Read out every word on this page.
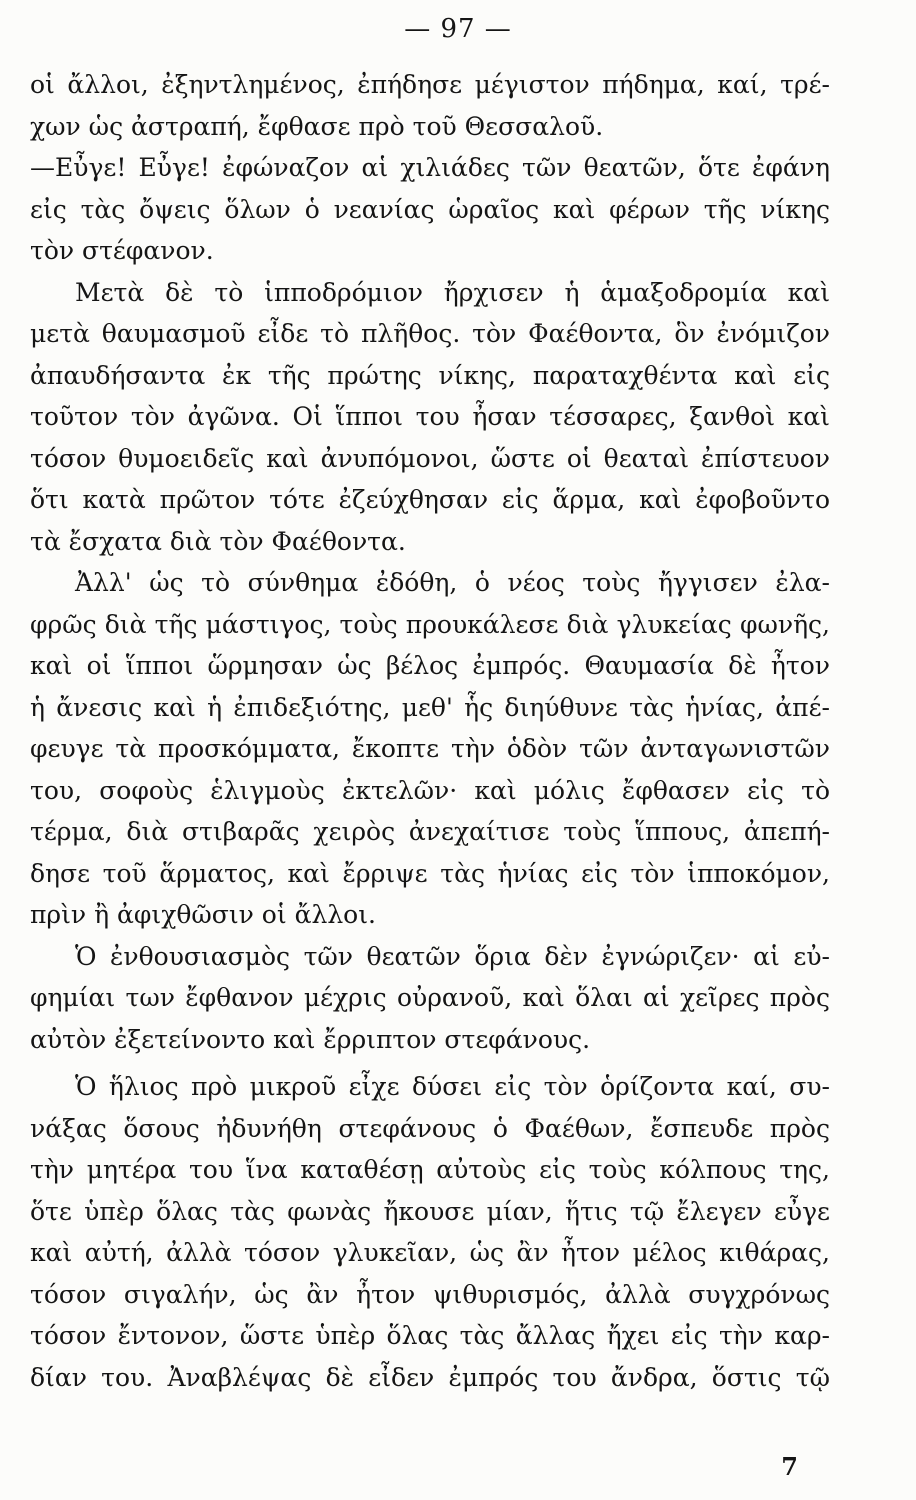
— 97 —
οἱ ἄλλοι, ἐξηντλημένος, ἐπήδησε μέγιστον πήδημα, καί, τρέ-
χων ὡς ἀστραπή, ἔφθασε πρὸ τοῦ Θεσσαλοῦ.
—Εὖγε! Εὖγε! ἐφώναζον αἱ χιλιάδες τῶν θεατῶν, ὅτε ἐφάνη
εἰς τὰς ὄψεις ὅλων ὁ νεανίας ὡραῖος καὶ φέρων τῆς νίκης
τὸν στέφανον.
Μετὰ δὲ τὸ ἱπποδρόμιον ἤρχισεν ἡ ἁμαξοδρομία καὶ
μετὰ θαυμασμοῦ εἶδε τὸ πλῆθος. τὸν Φαέθοντα, ὃν ἐνόμιζον
ἀπαυδήσαντα ἐκ τῆς πρώτης νίκης, παραταχθέντα καὶ εἰς
τοῦτον τὸν ἀγῶνα. Οἱ ἵπποι του ἦσαν τέσσαρες, ξανθοὶ καὶ
τόσον θυμοειδεῖς καὶ ἀνυπόμονοι, ὥστε οἱ θεαταὶ ἐπίστευον
ὅτι κατὰ πρῶτον τότε ἐζεύχθησαν εἰς ἅρμα, καὶ ἐφοβοῦντο
τὰ ἔσχατα διὰ τὸν Φαέθοντα.
Ἀλλ' ὡς τὸ σύνθημα ἐδόθη, ὁ νέος τοὺς ἤγγισεν ἐλα-
φρῶς διὰ τῆς μάστιγος, τοὺς προυκάλεσε διὰ γλυκείας φωνῆς,
καὶ οἱ ἵπποι ὥρμησαν ὡς βέλος ἐμπρός. Θαυμασία δὲ ἦτον
ἡ ἄνεσις καὶ ἡ ἐπιδεξιότης, μεθ' ἧς διηύθυνε τὰς ἡνίας, ἀπέ-
φευγε τὰ προσκόμματα, ἔκοπτε τὴν ὁδὸν τῶν ἀνταγωνιστῶν
του, σοφοὺς ἑλιγμοὺς ἐκτελῶν· καὶ μόλις ἔφθασεν εἰς τὸ
τέρμα, διὰ στιβαρᾶς χειρὸς ἀνεχαίτισε τοὺς ἵππους, ἀπεπή-
δησε τοῦ ἅρματος, καὶ ἔρριψε τὰς ἡνίας εἰς τὸν ἱπποκόμον,
πρὶν ἢ ἀφιχθῶσιν οἱ ἄλλοι.
Ὁ ἐνθουσιασμὸς τῶν θεατῶν ὅρια δὲν ἐγνώριζεν· αἱ εὐ-
φημίαι των ἔφθανον μέχρις οὐρανοῦ, καὶ ὅλαι αἱ χεῖρες πρὸς
αὐτὸν ἐξετείνοντο καὶ ἔρριπτον στεφάνους.
Ὁ ἥλιος πρὸ μικροῦ εἶχε δύσει εἰς τὸν ὁρίζοντα καί, συ-
νάξας ὅσους ἠδυνήθη στεφάνους ὁ Φαέθων, ἔσπευδε πρὸς
τὴν μητέρα του ἵνα καταθέσῃ αὐτοὺς εἰς τοὺς κόλπους της,
ὅτε ὑπὲρ ὅλας τὰς φωνὰς ἤκουσε μίαν, ἥτις τῷ ἔλεγεν εὖγε
καὶ αὐτή, ἀλλὰ τόσον γλυκεῖαν, ὡς ἂν ἦτον μέλος κιθάρας,
τόσον σιγαλήν, ὡς ἂν ἦτον ψιθυρισμός, ἀλλὰ συγχρόνως
τόσον ἔντονον, ὥστε ὑπὲρ ὅλας τὰς ἄλλας ἤχει εἰς τὴν καρ-
δίαν του. Ἀναβλέψας δὲ εἶδεν ἐμπρός του ἄνδρα, ὅστις τῷ
7
